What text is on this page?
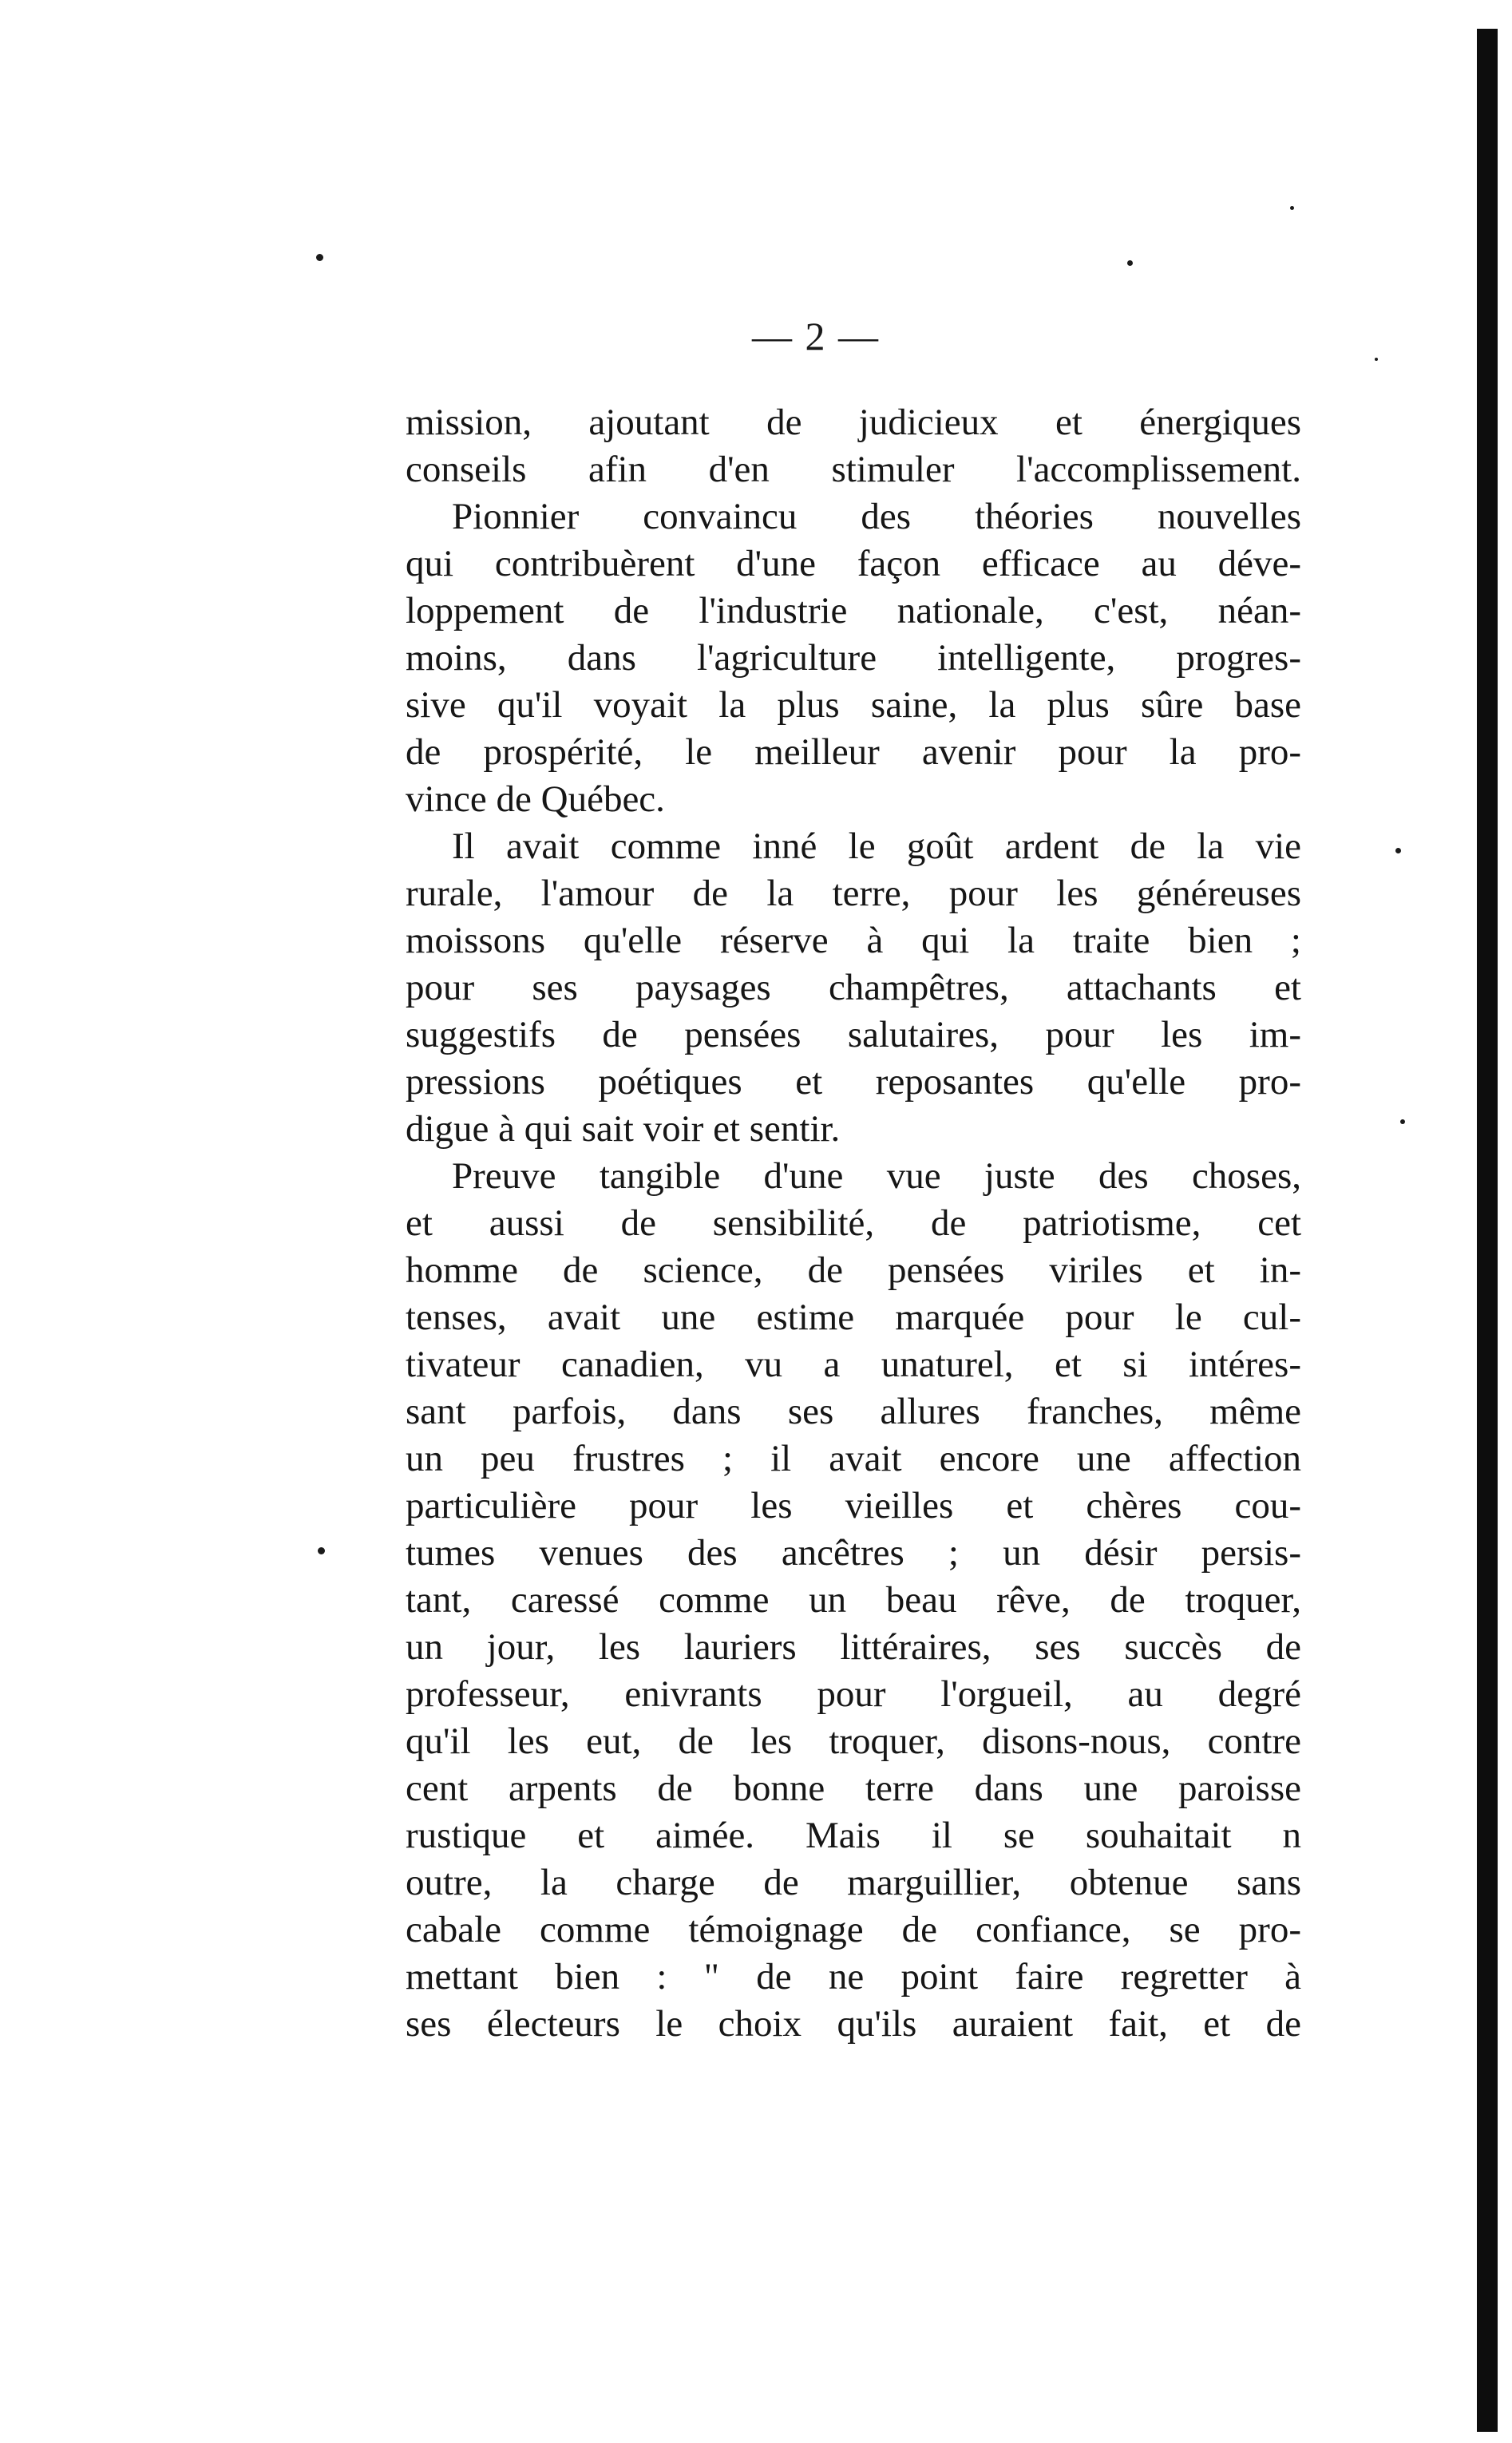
— 2 —
mission, ajoutant de judicieux et énergiques
conseils afin d'en stimuler l'accomplissement.
Pionnier convaincu des théories nouvelles
qui contribuèrent d'une façon efficace au déve-
loppement de l'industrie nationale, c'est, néan-
moins, dans l'agriculture intelligente, progres-
sive qu'il voyait la plus saine, la plus sûre base
de prospérité, le meilleur avenir pour la pro-
vince de Québec.
Il avait comme inné le goût ardent de la vie
rurale, l'amour de la terre, pour les généreuses
moissons qu'elle réserve à qui la traite bien ;
pour ses paysages champêtres, attachants et
suggestifs de pensées salutaires, pour les im-
pressions poétiques et reposantes qu'elle pro-
digue à qui sait voir et sentir.
Preuve tangible d'une vue juste des choses,
et aussi de sensibilité, de patriotisme, cet
homme de science, de pensées viriles et in-
tenses, avait une estime marquée pour le cul-
tivateur canadien, vu a unaturel, et si intéres-
sant parfois, dans ses allures franches, même
un peu frustres ; il avait encore une affection
particulière pour les vieilles et chères cou-
tumes venues des ancêtres ; un désir persis-
tant, caressé comme un beau rêve, de troquer,
un jour, les lauriers littéraires, ses succès de
professeur, enivrants pour l'orgueil, au degré
qu'il les eut, de les troquer, disons-nous, contre
cent arpents de bonne terre dans une paroisse
rustique et aimée. Mais il se souhaitait n
outre, la charge de marguillier, obtenue sans
cabale comme témoignage de confiance, se pro-
mettant bien : " de ne point faire regretter à
ses électeurs le choix qu'ils auraient fait, et de
